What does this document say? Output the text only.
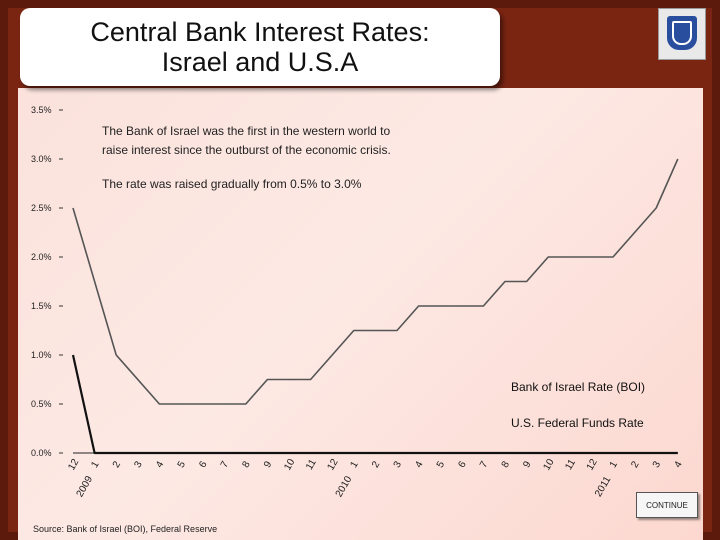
Central Bank Interest Rates:
Israel and U.S.A
0.0%
0.5%
1.0%
1.5%
2.0%
2.5%
3.0%
3.5%
12 1 2 3 4 5 6 7 8 9 10 11 12 1 2 3 4 5 6 7 8 9 10 11 12 1 2 3 4
2009	2010	2011
The Bank of Israel was the first in the western world to
raise interest since the outburst of the economic crisis.
The rate was raised gradually from 0.5% to 3.0%
Bank of Israel Rate (BOI)
U.S. Federal Funds Rate
CONTINUE
Source: Bank of Israel (BOI), Federal Reserve
